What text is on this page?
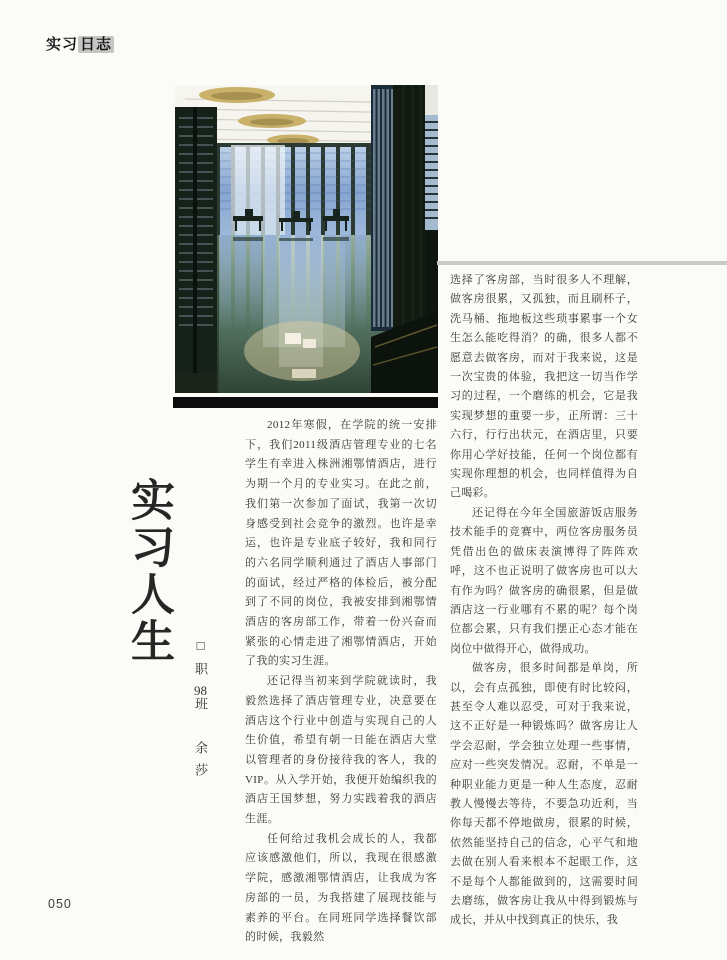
实习 日志
实习人生 □职98班　余莎

2012年寒假，在学院的统一安排下，我们2011级酒店管理专业的七名学生有幸进入株洲湘鄂情酒店，进行为期一个月的专业实习。在此之前，我们第一次参加了面试，我第一次切身感受到社会竞争的激烈。也许是幸运，也许是专业底子较好，我和同行的六名同学顺利通过了酒店人事部门的面试，经过严格的体检后，被分配到了不同的岗位，我被安排到湘鄂情酒店的客房部工作，带着一份兴奋而紧张的心情走进了湘鄂情酒店，开始了我的实习生涯。

还记得当初来到学院就读时，我毅然选择了酒店管理专业，决意要在酒店这个行业中创造与实现自己的人生价值，希望有朝一日能在酒店大堂以管理者的身份接待我的客人，我的VIP。从入学开始，我便开始编织我的酒店王国梦想，努力实践着我的酒店生涯。

任何给过我机会成长的人，我都应该感激他们，所以，我现在很感激学院，感激湘鄂情酒店，让我成为客房部的一员，为我搭建了展现技能与素养的平台。在同班同学选择餐饮部的时候，我毅然

选择了客房部，当时很多人不理解，做客房很累，又孤独，而且刷杯子，洗马桶、拖地板这些琐事累事一个女生怎么能吃得消？的确，很多人都不愿意去做客房，而对于我来说，这是一次宝贵的体验，我把这一切当作学习的过程，一个磨练的机会，它是我实现梦想的重要一步，正所谓：三十六行，行行出状元，在酒店里，只要你用心学好技能，任何一个岗位都有实现你理想的机会，也同样值得为自己喝彩。

还记得在今年全国旅游饭店服务技术能手的竞赛中，两位客房服务员凭借出色的做床表演博得了阵阵欢呼，这不也正说明了做客房也可以大有作为吗？做客房的确很累，但是做酒店这一行业哪有不累的呢？每个岗位都会累，只有我们摆正心态才能在岗位中做得开心，做得成功。

做客房，很多时间都是单岗，所以，会有点孤独，即使有时比较闷，甚至令人难以忍受，可对于我来说，这不正好是一种锻炼吗？做客房让人学会忍耐，学会独立处理一些事情，应对一些突发情况。忍耐，不单是一种职业能力更是一种人生态度，忍耐教人慢慢去等待，不要急功近利，当你每天都不停地做房，很累的时候，依然能坚持自己的信念，心平气和地去做在别人看来根本不起眼工作，这不是每个人都能做到的，这需要时间去磨练，做客房让我从中得到锻炼与成长，并从中找到真正的快乐，我

050
